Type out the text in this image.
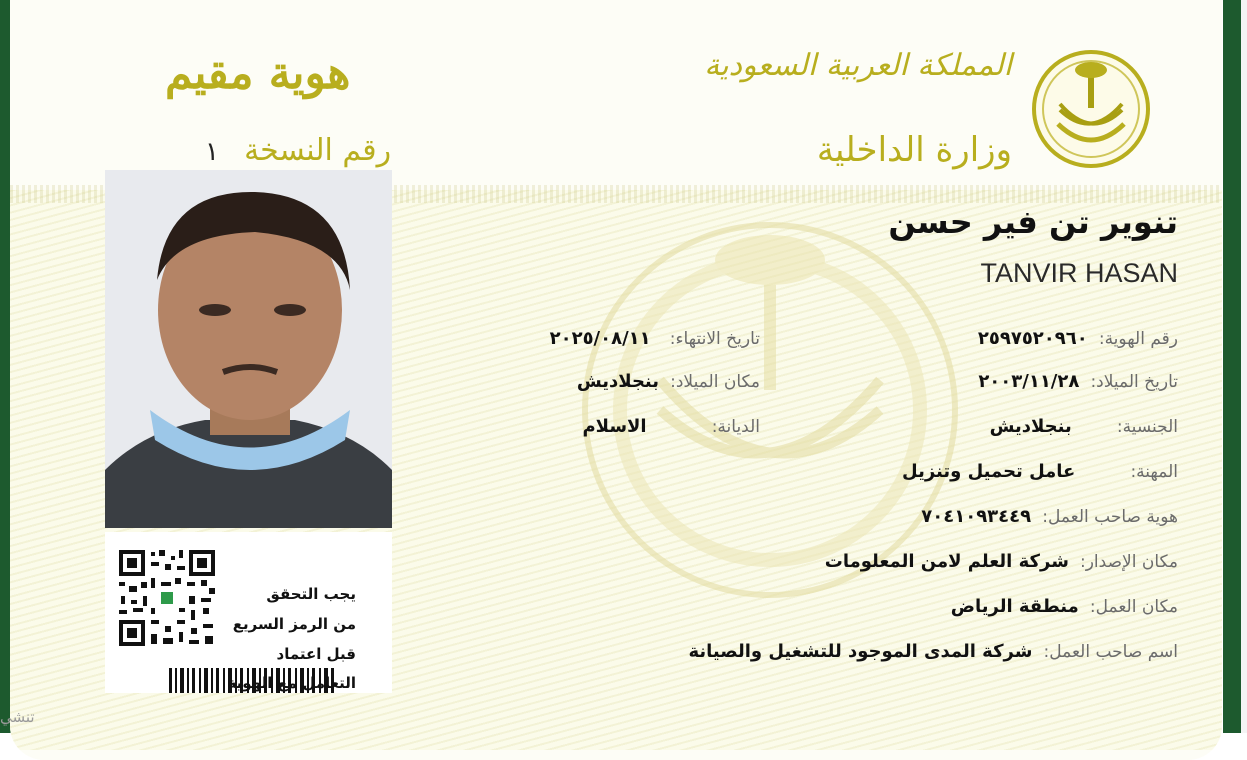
هوية مقيم
رقم النسخة ١
المملكة العربية السعودية
وزارة الداخلية
يجب التحقق
من الرمز السريع
قبل اعتماد
التعامل مع الهوية
تنوير تن فير حسن
TANVIR HASAN
رقم الهوية: ٢٥٩٧٥٢٠٩٦٠
تاريخ الميلاد: ٢٠٠٣/١١/٢٨
الجنسية: بنجلاديش
المهنة: عامل تحميل وتنزيل
هوية صاحب العمل: ٧٠٤١٠٩٣٤٤٩
مكان الإصدار: شركة العلم لامن المعلومات
مكان العمل: منطقة الرياض
اسم صاحب العمل: شركة المدى الموجود للتشغيل والصيانة
تاريخ الانتهاء: ٢٠٢٥/٠٨/١١
مكان الميلاد: بنجلاديش
الديانة: الاسلام
تنشي
